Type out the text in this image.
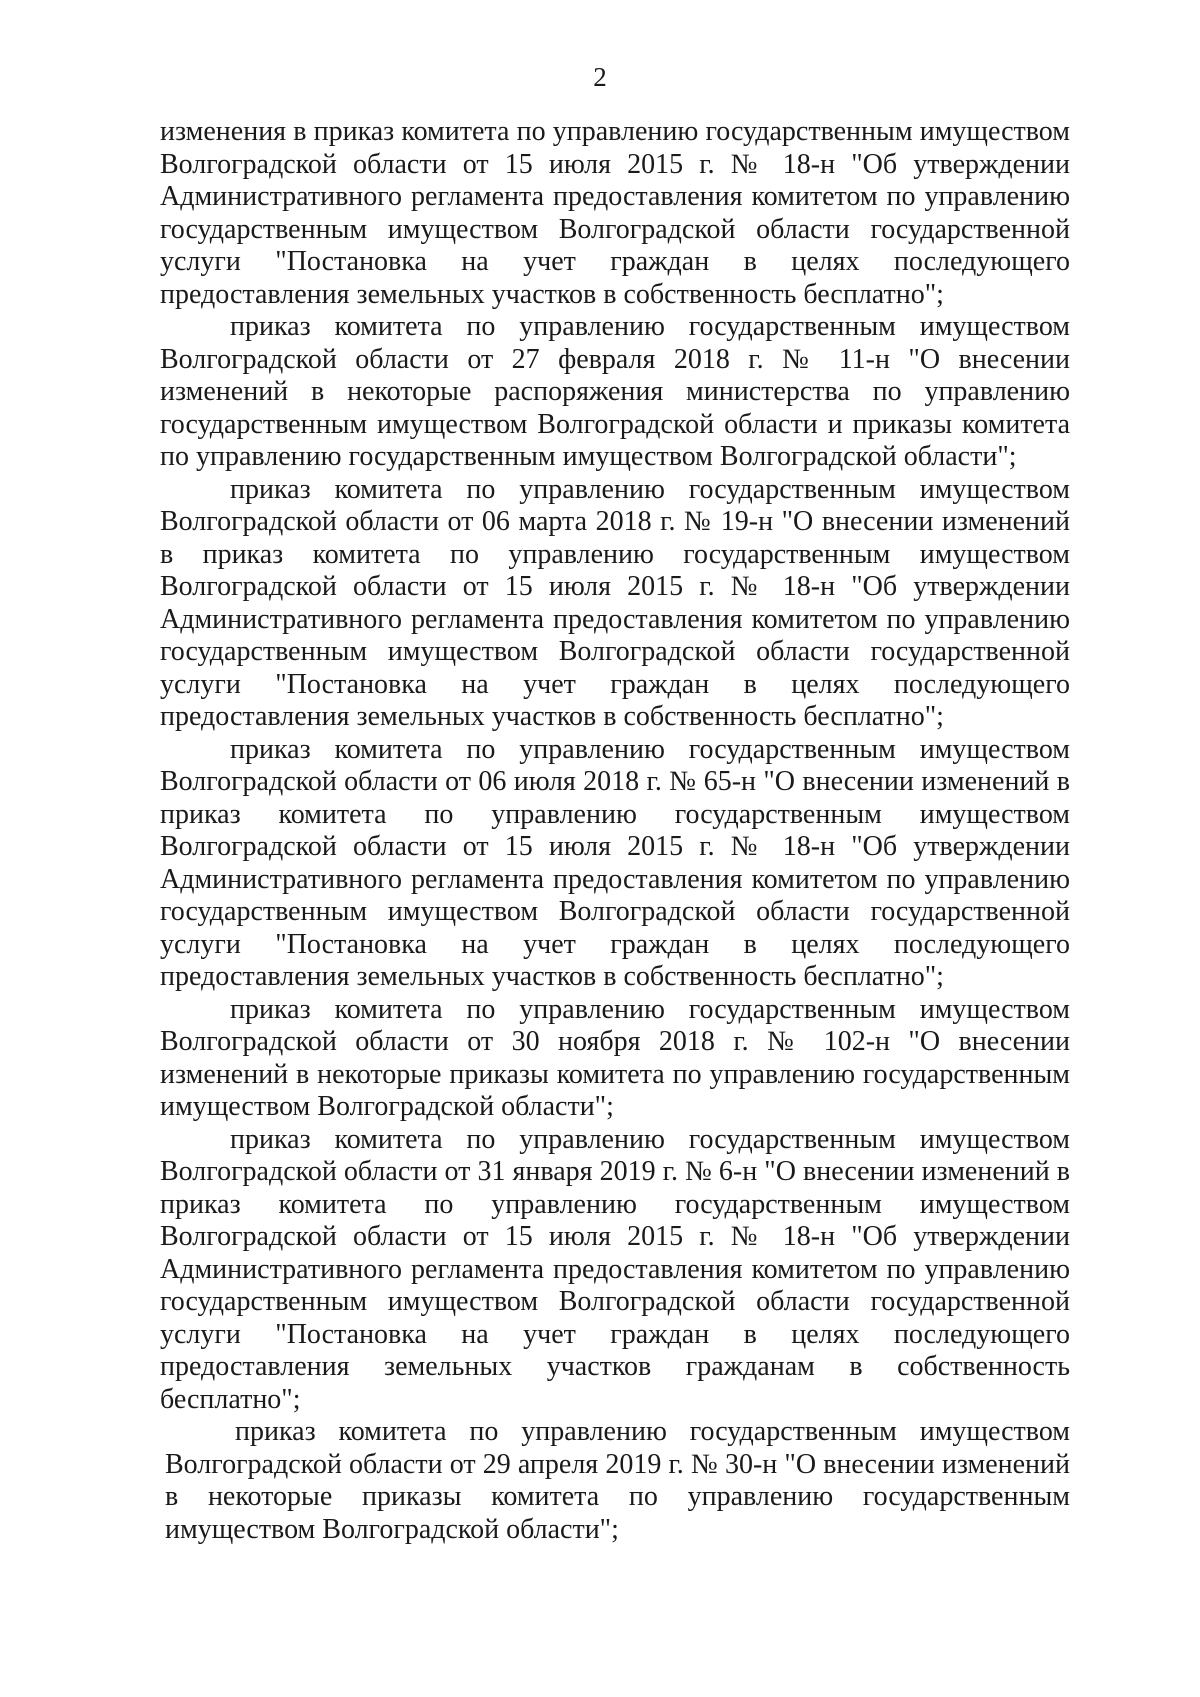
2

изменения в приказ комитета по управлению государственным имуществом Волгоградской области от 15 июля 2015 г. № 18-н "Об утверждении Административного регламента предоставления комитетом по управлению государственным имуществом Волгоградской области государственной услуги "Постановка на учет граждан в целях последующего предоставления земельных участков в собственность бесплатно";

приказ комитета по управлению государственным имуществом Волгоградской области от 27 февраля 2018 г. № 11-н "О внесении изменений в некоторые распоряжения министерства по управлению государственным имуществом Волгоградской области и приказы комитета по управлению государственным имуществом Волгоградской области";

приказ комитета по управлению государственным имуществом Волгоградской области от 06 марта 2018 г. № 19-н "О внесении изменений в приказ комитета по управлению государственным имуществом Волгоградской области от 15 июля 2015 г. № 18-н "Об утверждении Административного регламента предоставления комитетом по управлению государственным имуществом Волгоградской области государственной услуги "Постановка на учет граждан в целях последующего предоставления земельных участков в собственность бесплатно";

приказ комитета по управлению государственным имуществом Волгоградской области от 06 июля 2018 г. № 65-н "О внесении изменений в приказ комитета по управлению государственным имуществом Волгоградской области от 15 июля 2015 г. № 18-н "Об утверждении Административного регламента предоставления комитетом по управлению государственным имуществом Волгоградской области государственной услуги "Постановка на учет граждан в целях последующего предоставления земельных участков в собственность бесплатно";

приказ комитета по управлению государственным имуществом Волгоградской области от 30 ноября 2018 г. № 102-н "О внесении изменений в некоторые приказы комитета по управлению государственным имуществом Волгоградской области";

приказ комитета по управлению государственным имуществом Волгоградской области от 31 января 2019 г. № 6-н "О внесении изменений в приказ комитета по управлению государственным имуществом Волгоградской области от 15 июля 2015 г. № 18-н "Об утверждении Административного регламента предоставления комитетом по управлению государственным имуществом Волгоградской области государственной услуги "Постановка на учет граждан в целях последующего предоставления земельных участков гражданам в собственность бесплатно";

приказ комитета по управлению государственным имуществом Волгоградской области от 29 апреля 2019 г. № 30-н "О внесении изменений в некоторые приказы комитета по управлению государственным имуществом Волгоградской области";
